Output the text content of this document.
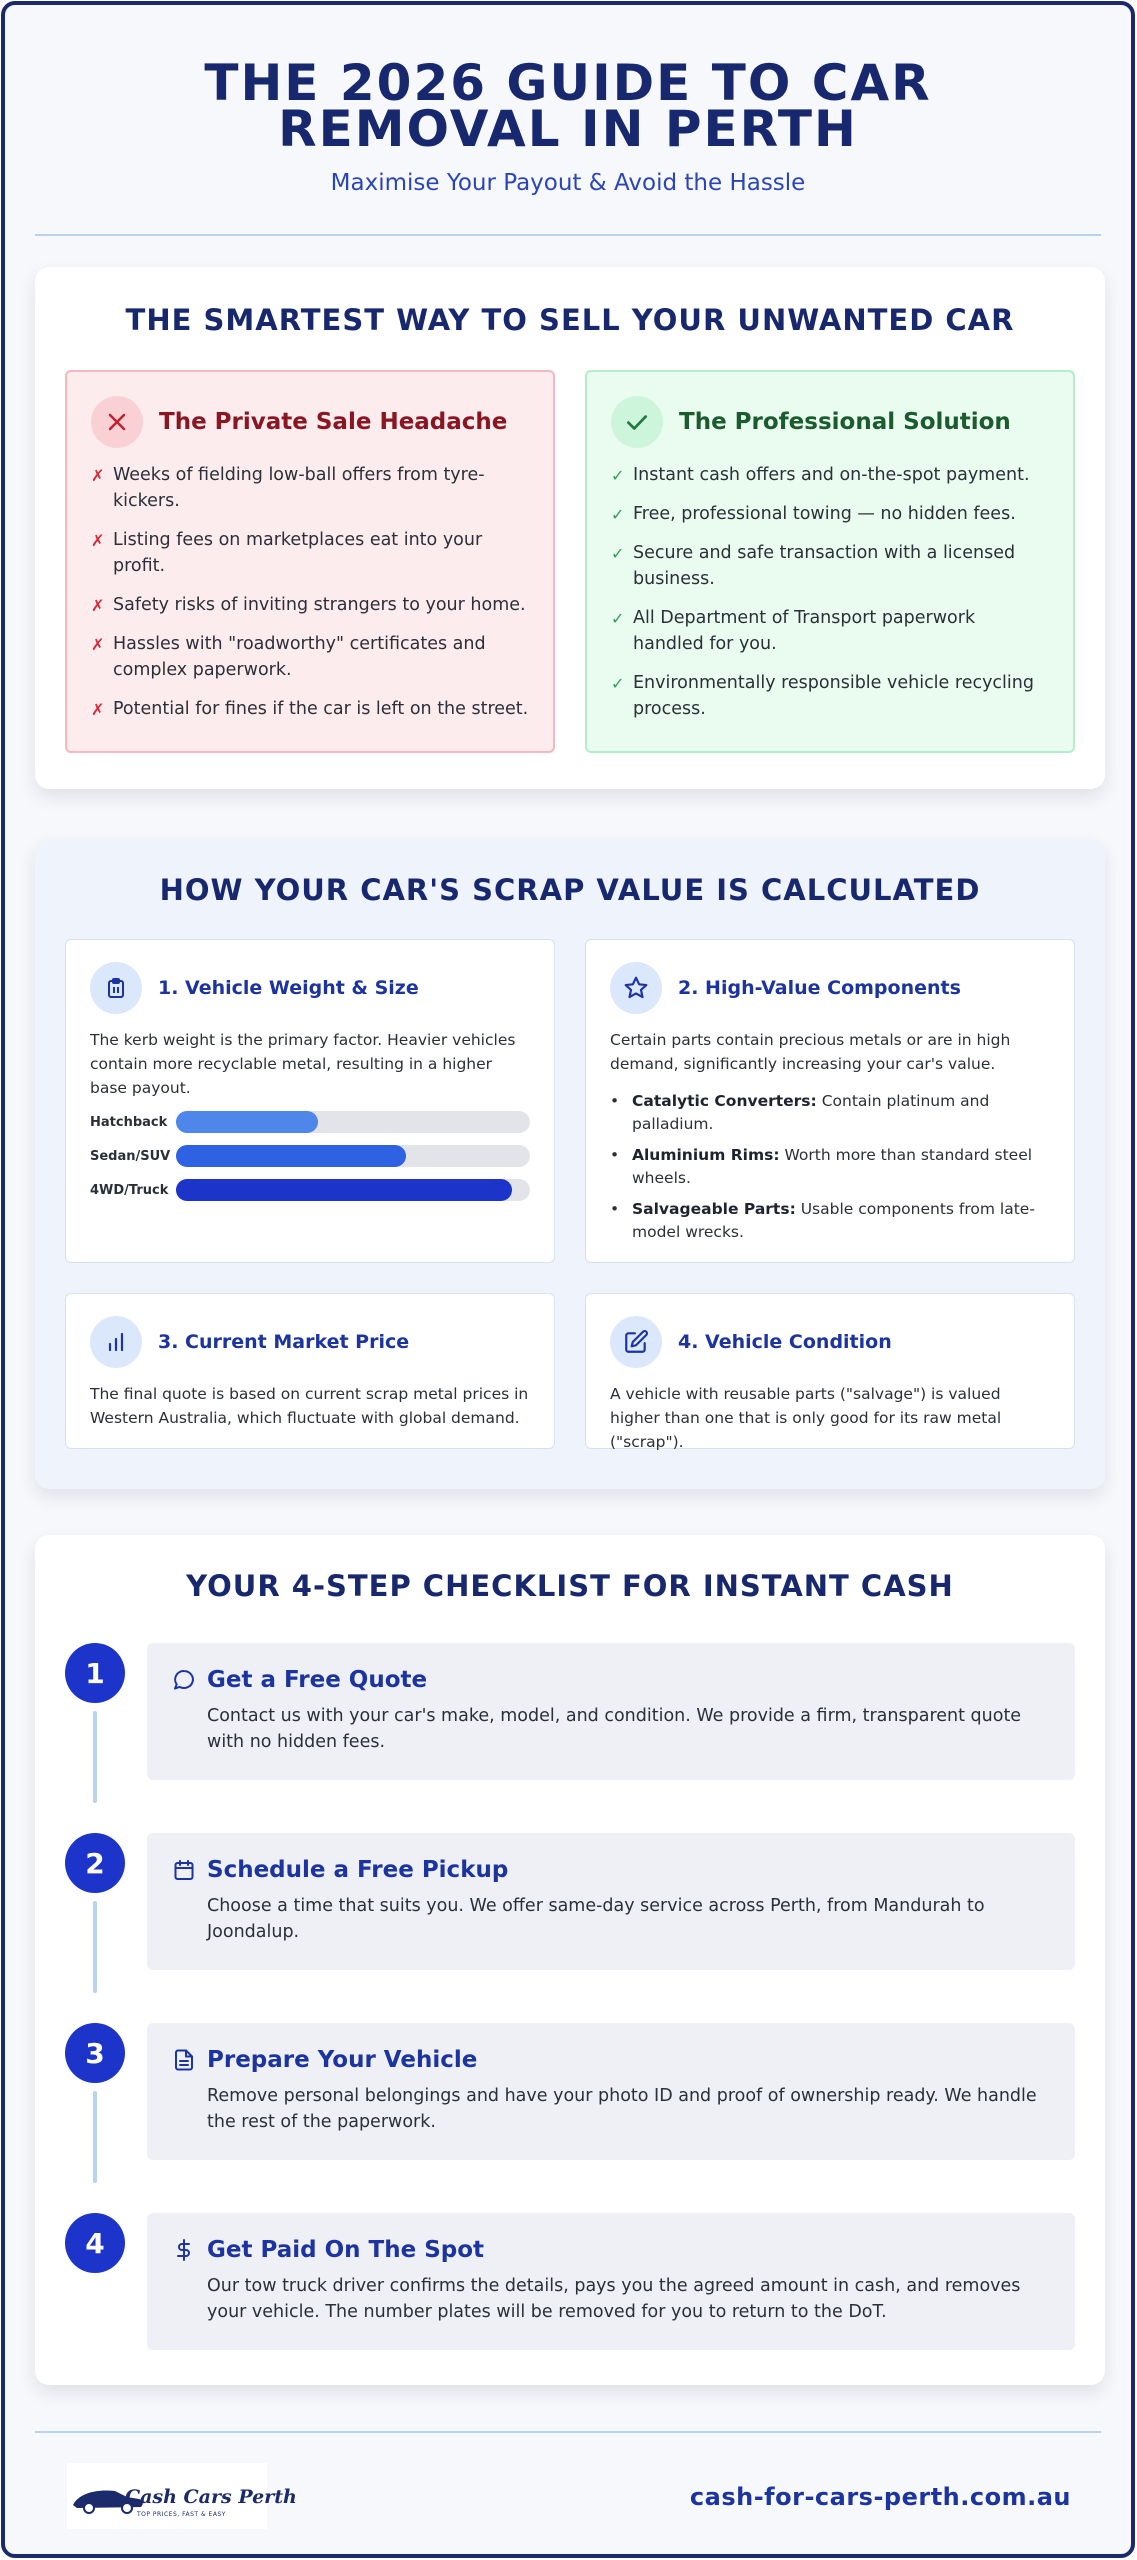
THE 2026 GUIDE TO CAR REMOVAL IN PERTH
Maximise Your Payout & Avoid the Hassle
THE SMARTEST WAY TO SELL YOUR UNWANTED CAR
The Private Sale Headache
✗ Weeks of fielding low-ball offers from tyre-kickers.
✗ Listing fees on marketplaces eat into your profit.
✗ Safety risks of inviting strangers to your home.
✗ Hassles with "roadworthy" certificates and complex paperwork.
✗ Potential for fines if the car is left on the street.
The Professional Solution
✓ Instant cash offers and on-the-spot payment.
✓ Free, professional towing — no hidden fees.
✓ Secure and safe transaction with a licensed business.
✓ All Department of Transport paperwork handled for you.
✓ Environmentally responsible vehicle recycling process.
HOW YOUR CAR'S SCRAP VALUE IS CALCULATED
1. Vehicle Weight & Size

The kerb weight is the primary factor. Heavier vehicles contain more recyclable metal, resulting in a higher base payout.

Hatchback
Sedan/SUV
4WD/Truck
2. High-Value Components

Certain parts contain precious metals or are in high demand, significantly increasing your car's value.

• Catalytic Converters: Contain platinum and palladium.
• Aluminium Rims: Worth more than standard steel wheels.
• Salvageable Parts: Usable components from late-model wrecks.
3. Current Market Price

The final quote is based on current scrap metal prices in Western Australia, which fluctuate with global demand.

4. Vehicle Condition

A vehicle with reusable parts ("salvage") is valued higher than one that is only good for its raw metal ("scrap").

YOUR 4-STEP CHECKLIST FOR INSTANT CASH
1	Get a Free Quote

Contact us with your car's make, model, and condition. We provide a firm, transparent quote with no hidden fees.

2	Schedule a Free Pickup

Choose a time that suits you. We offer same-day service across Perth, from Mandurah to Joondalup.

3	Prepare Your Vehicle

Remove personal belongings and have your photo ID and proof of ownership ready. We handle the rest of the paperwork.

4	Get Paid On The Spot

Our tow truck driver confirms the details, pays you the agreed amount in cash, and removes your vehicle. The number plates will be removed for you to return to the DoT.

Cash Cars Perth
TOP PRICES, FAST & EASY
cash-for-cars-perth.com.au
